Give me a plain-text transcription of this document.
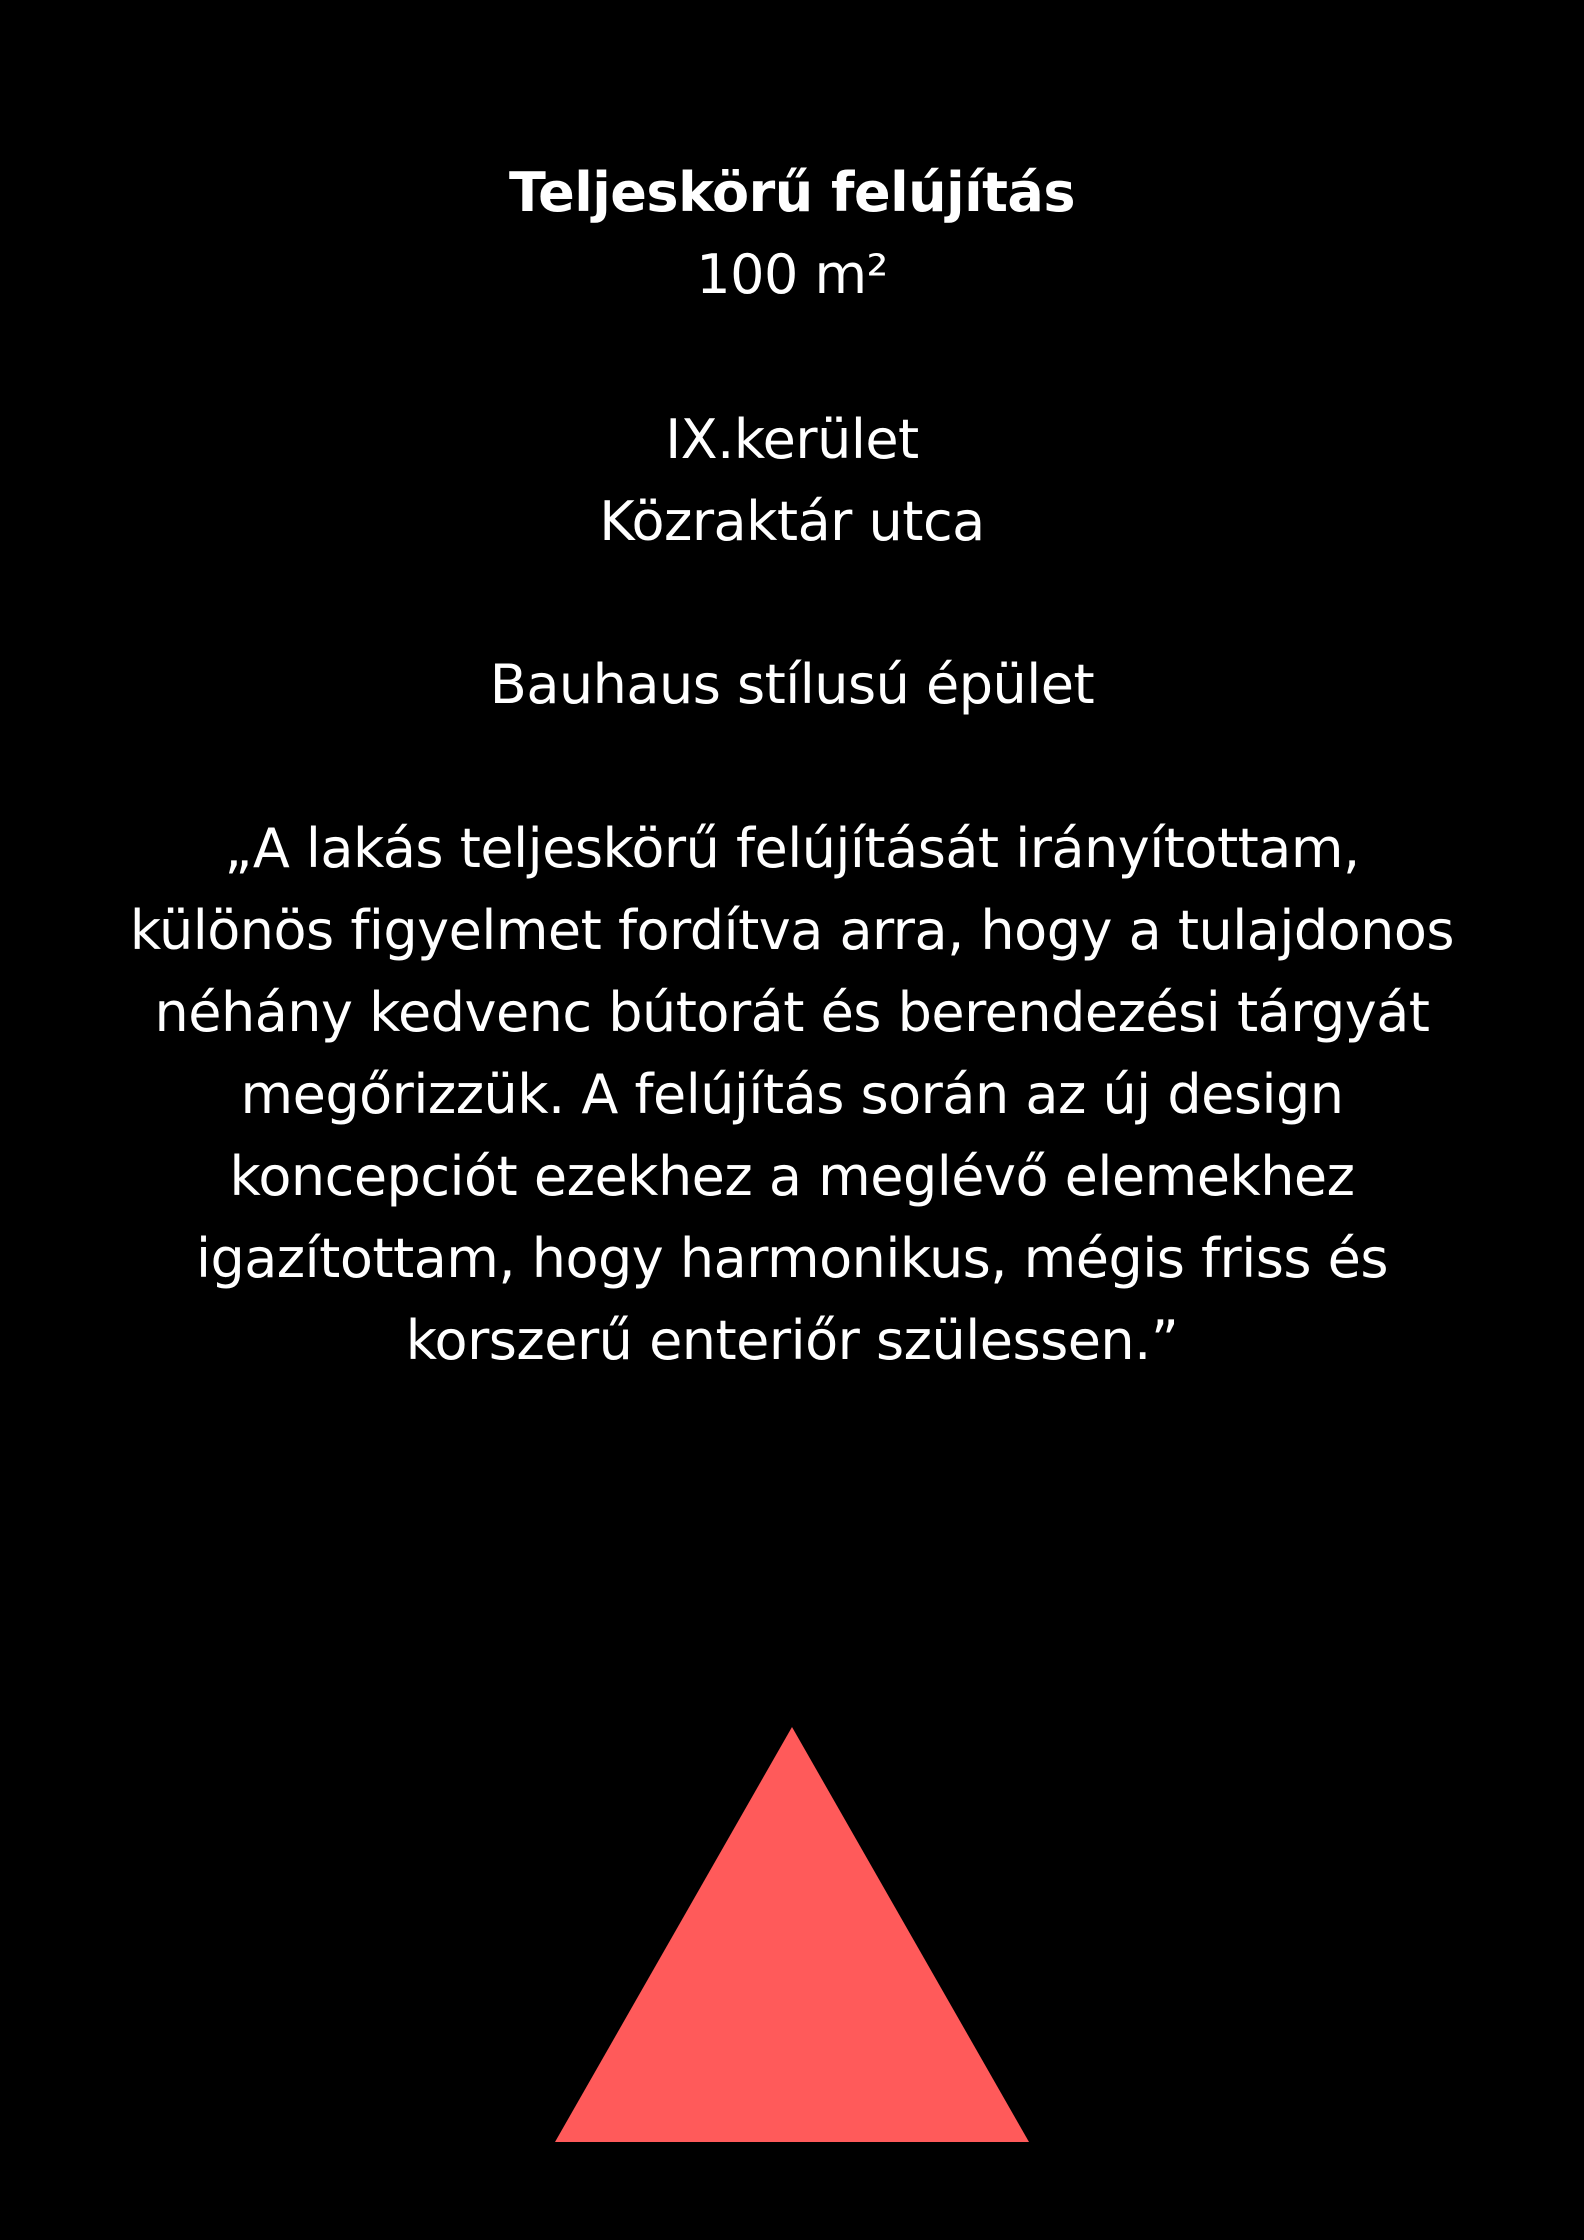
Teljeskörű felújítás
100 m²
IX.kerület
Közraktár utca
Bauhaus stílusú épület
„A lakás teljeskörű felújítását irányítottam,
különös figyelmet fordítva arra, hogy a tulajdonos
néhány kedvenc bútorát és berendezési tárgyát
megőrizzük. A felújítás során az új design
koncepciót ezekhez a meglévő elemekhez
igazítottam, hogy harmonikus, mégis friss és
korszerű enteriőr szülessen.”
